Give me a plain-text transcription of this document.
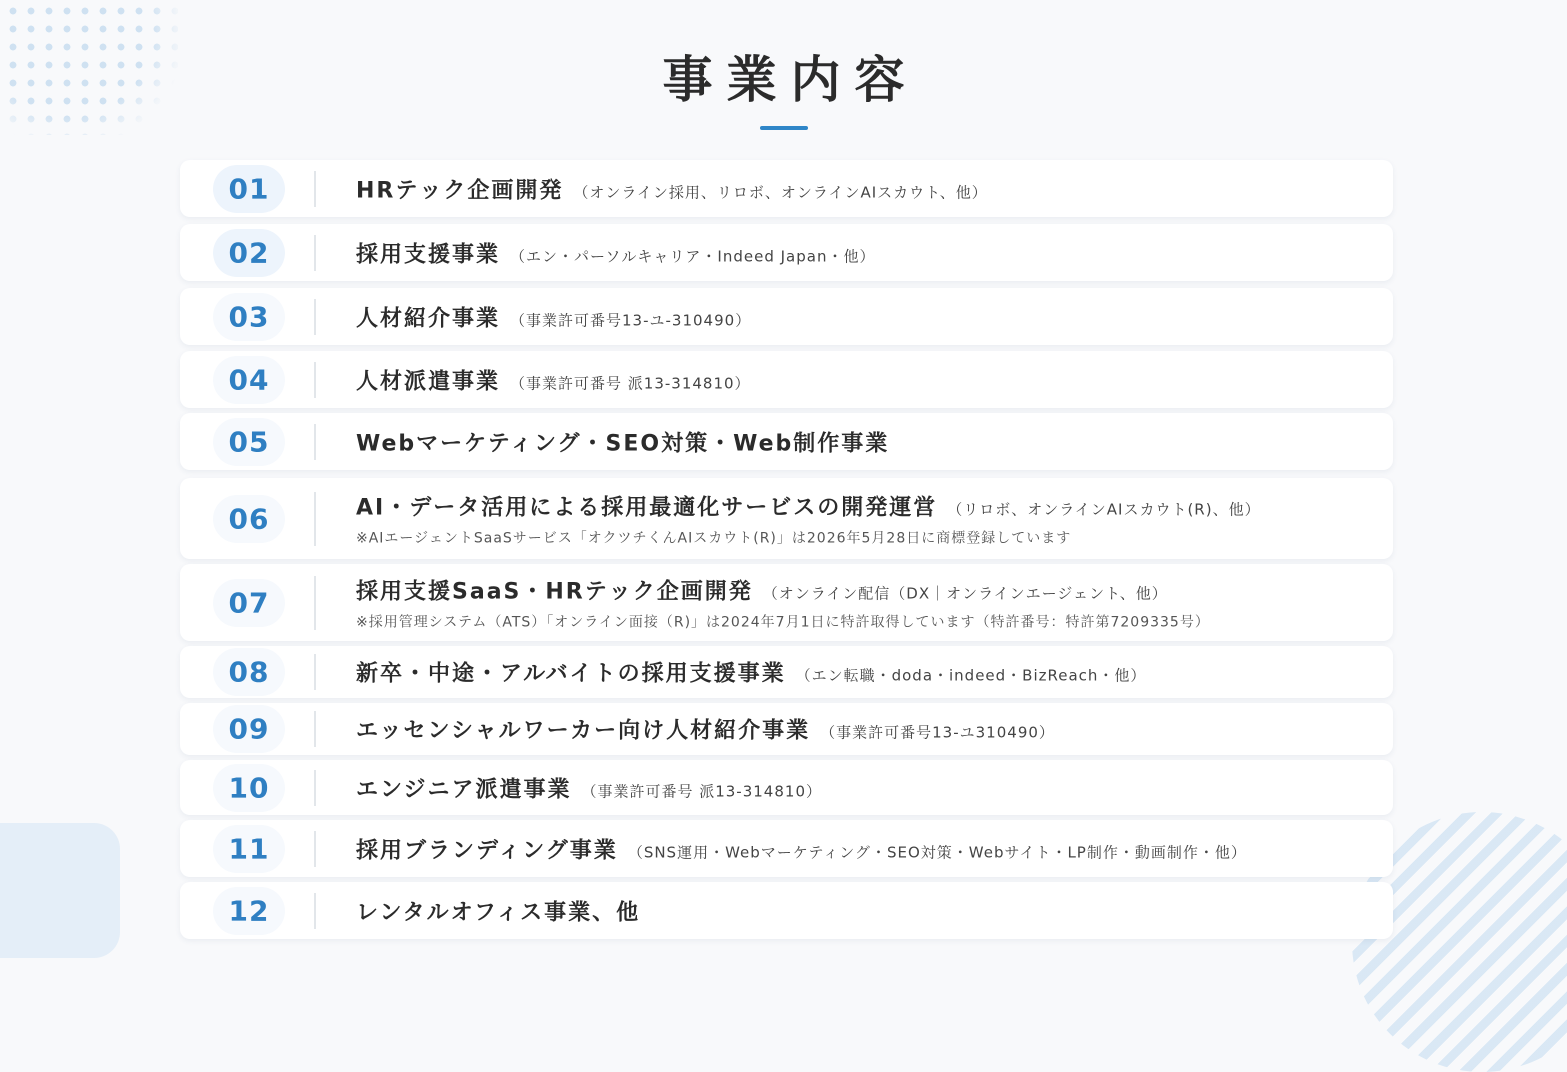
事業内容
01	HRテック企画開発 （オンライン採用、リロボ、オンラインAIスカウト、他）
02	採用支援事業 （エン・パーソルキャリア・Indeed Japan・他）
03	人材紹介事業 （事業許可番号13-ユ-310490）
04	人材派遣事業 （事業許可番号 派13-314810）
05	Webマーケティング・SEO対策・Web制作事業
06	AI・データ活用による採用最適化サービスの開発運営 （リロボ、オンラインAIスカウト(R)、他）
※AIエージェントSaaSサービス「オクツチくんAIスカウト(R)」は2026年5月28日に商標登録しています
07	採用支援SaaS・HRテック企画開発 （オンライン配信（DX｜オンラインエージェント、他）
※採用管理システム（ATS）「オンライン面接（R)」は2024年7月1日に特許取得しています（特許番号：特許第7209335号）
08	新卒・中途・アルバイトの採用支援事業 （エン転職・doda・indeed・BizReach・他）
09	エッセンシャルワーカー向け人材紹介事業 （事業許可番号13-ユ310490）
10	エンジニア派遣事業 （事業許可番号 派13-314810）
11	採用ブランディング事業 （SNS運用・Webマーケティング・SEO対策・Webサイト・LP制作・動画制作・他）
12	レンタルオフィス事業、他
